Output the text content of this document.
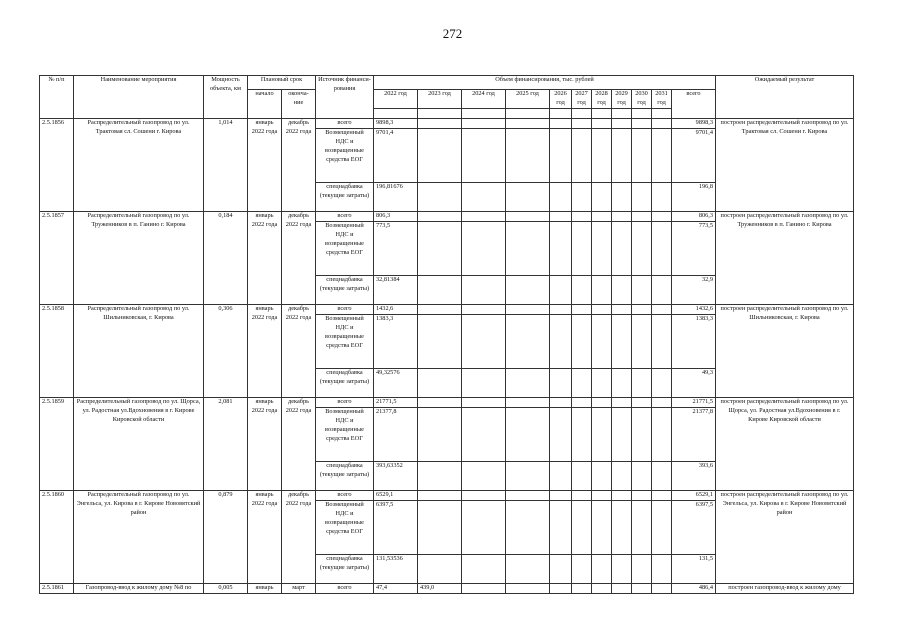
272
№ п/п	Наименование мероприятия	Мощность объекта, км	Плановый срок		Источник финанси-рования	Объем финансирования, тыс. рублей											Ожидаемый результат
			начало	оконча-ние		2022 год	2023 год	2024 год	2025 год	2026 год	2027 год	2028 год	2029 год	2030 год	2031 год	всего	

2.5.1856	Распределительный газопровод по ул. Трактовая сл. Сошени г. Кирова	1,014	январь 2022 года	декабрь 2022 года	всего	9898,3										9898,3	построен распределительный газопровод по ул. Трактовая сл. Сошени г. Кирова
					Возмещенный НДС и возвращенные средства ЕОГ	9701,4										9701,4	
					спецнадбавка (текущие затраты)	196,81676										196,8	
2.5.1857	Распределительный газопровод по ул. Труженников в п. Ганино г. Кирова	0,184	январь 2022 года	декабрь 2022 года	всего	806,3										806,3	построен распределительный газопровод по ул. Труженников в п. Ганино г. Кирова
					Возмещенный НДС и возвращенные средства ЕОГ	773,5										773,5	
					спецнадбавка (текущие затраты)	32,81384										32,9	
2.5.1858	Распределительный газопровод по ул. Шильниковская, г. Кирова	0,306	январь 2022 года	декабрь 2022 года	всего	1432,6										1432,6	построен распределительный газопровод по ул. Шильниковская, г. Кирова
					Возмещенный НДС и возвращенные средства ЕОГ	1383,3										1383,3	
					спецнадбавка (текущие затраты)	49,32576										49,3	
2.5.1859	Распределительный газопровод по ул. Щорса, ул. Радостная ул.Вдохновения в г. Кирове Кировской области	2,081	январь 2022 года	декабрь 2022 года	всего	21771,5										21771,5	построен распределительный газопровод по ул. Щорса, ул. Радостная ул.Вдохновения в г. Кирове Кировской области
					Возмещенный НДС и возвращенные средства ЕОГ	21377,8										21377,8	
					спецнадбавка (текущие затраты)	393,63352										393,6	
2.5.1860	Распределительный газопровод по ул. Энгельса, ул. Кирова в г. Кирове Нововятский район	0,879	январь 2022 года	декабрь 2022 года	всего	6529,1										6529,1	построен распределительный газопровод по ул. Энгельса, ул. Кирова в г. Кирове Нововятский район
					Возмещенный НДС и возвращенные средства ЕОГ	6397,5										6397,5	
					спецнадбавка (текущие затраты)	131,53536										131,5	
2.5.1861	Газопровод-ввод к жилому дому №8 по	0,005	январь	март	всего	47,4	439,0									486,4	построен газопровод-ввод к жилому дому
